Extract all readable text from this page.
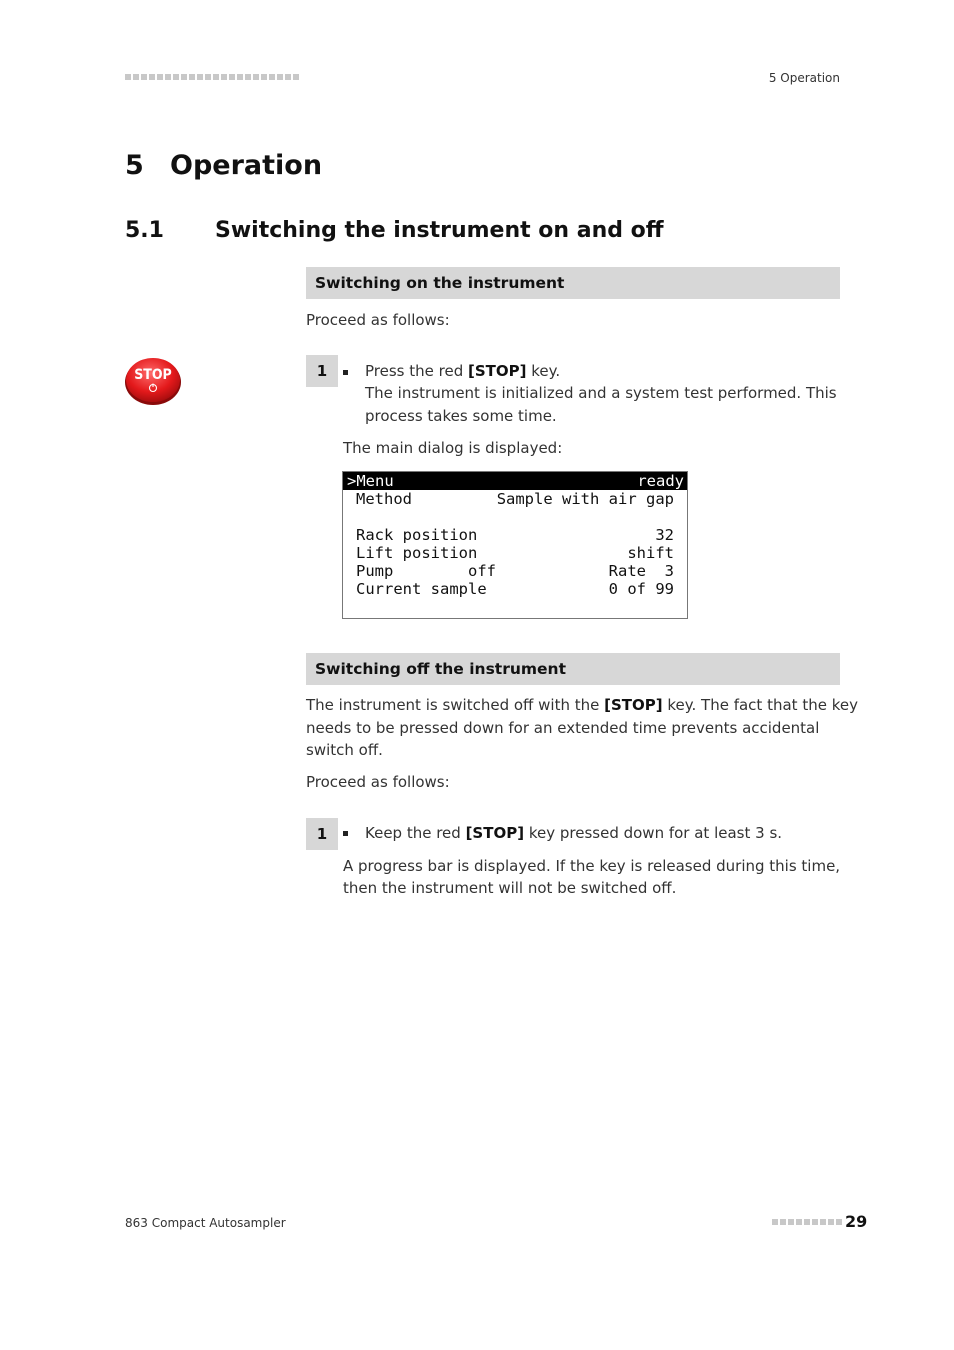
5 Operation
5 Operation
5.1 Switching the instrument on and off
Switching on the instrument
Proceed as follows:
STOP	1	Press the red [STOP] key.
The instrument is initialized and a system test performed. This
process takes some time.
The main dialog is displayed:
>Menu	ready
Method	Sample with air gap
Rack position	32
Lift position	shift
Pump        off	Rate  3
Current sample	0 of 99
Switching off the instrument
The instrument is switched off with the [STOP] key. The fact that the key
needs to be pressed down for an extended time prevents accidental
switch off.
Proceed as follows:
1	Keep the red [STOP] key pressed down for at least 3 s.
A progress bar is displayed. If the key is released during this time,
then the instrument will not be switched off.
863 Compact Autosampler	29
